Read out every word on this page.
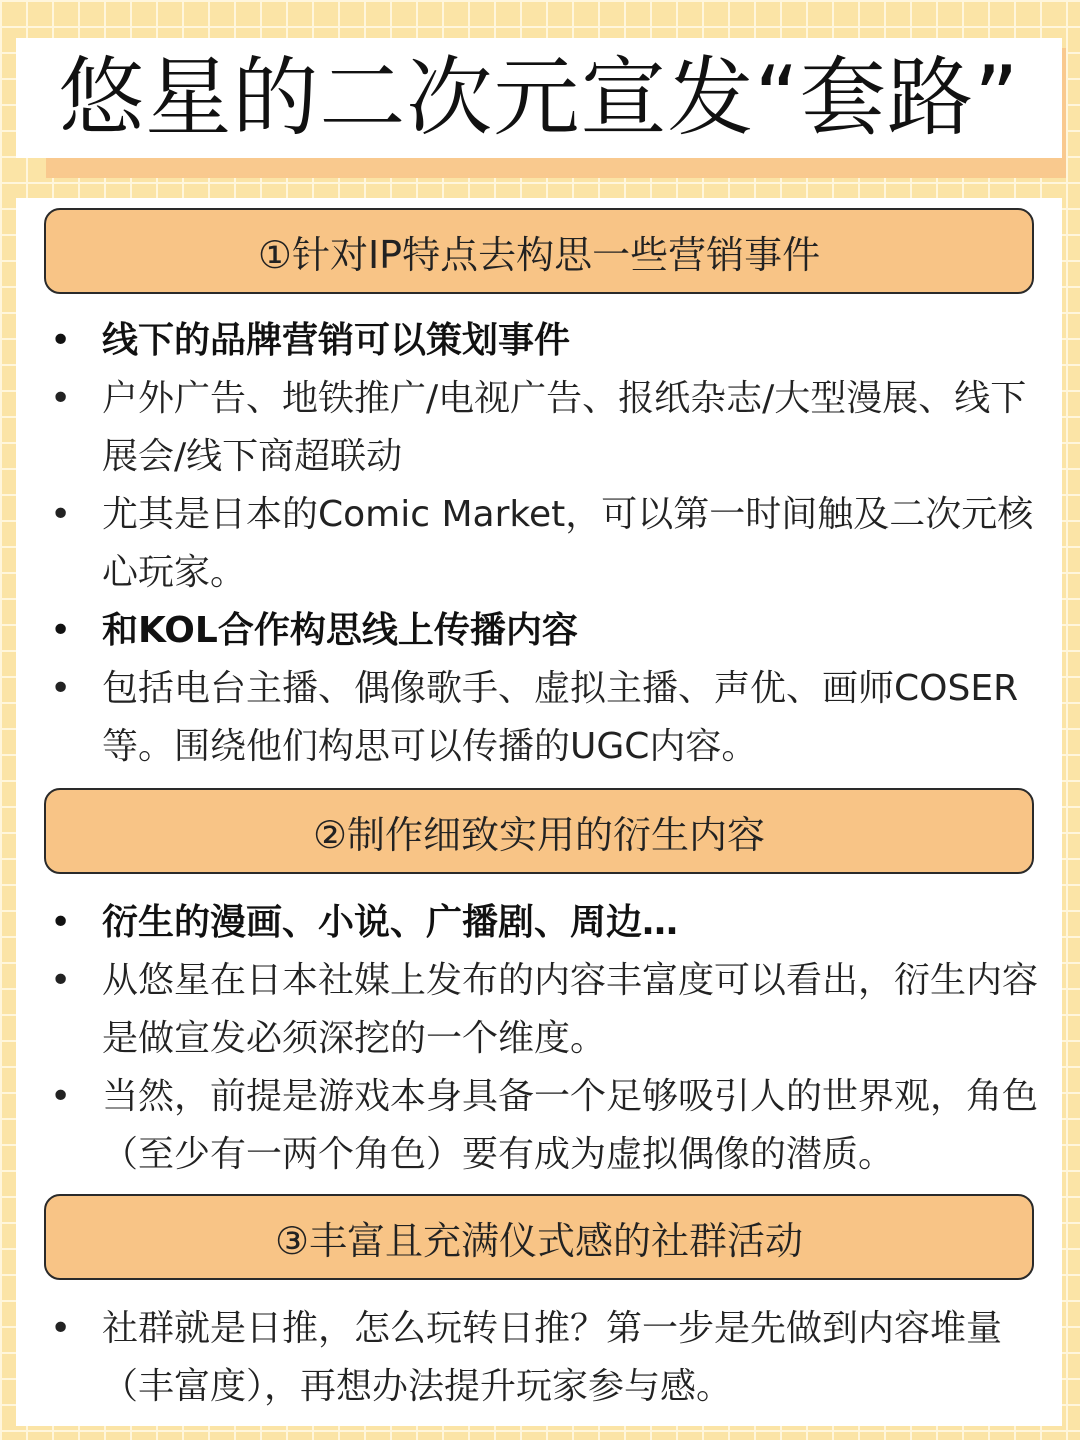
悠星的二次元宣发“套路”
①针对IP特点去构思一些营销事件
• 线下的品牌营销可以策划事件
• 户外广告、地铁推广/电视广告、报纸杂志/大型漫展、线下展会/线下商超联动
• 尤其是日本的Comic Market，可以第一时间触及二次元核心玩家。
• 和KOL合作构思线上传播内容
• 包括电台主播、偶像歌手、虚拟主播、声优、画师COSER等。围绕他们构思可以传播的UGC内容。
②制作细致实用的衍生内容
• 衍生的漫画、小说、广播剧、周边…
• 从悠星在日本社媒上发布的内容丰富度可以看出，衍生内容是做宣发必须深挖的一个维度。
• 当然，前提是游戏本身具备一个足够吸引人的世界观，角色（至少有一两个角色）要有成为虚拟偶像的潜质。
③丰富且充满仪式感的社群活动
• 社群就是日推，怎么玩转日推？第一步是先做到内容堆量（丰富度），再想办法提升玩家参与感。
